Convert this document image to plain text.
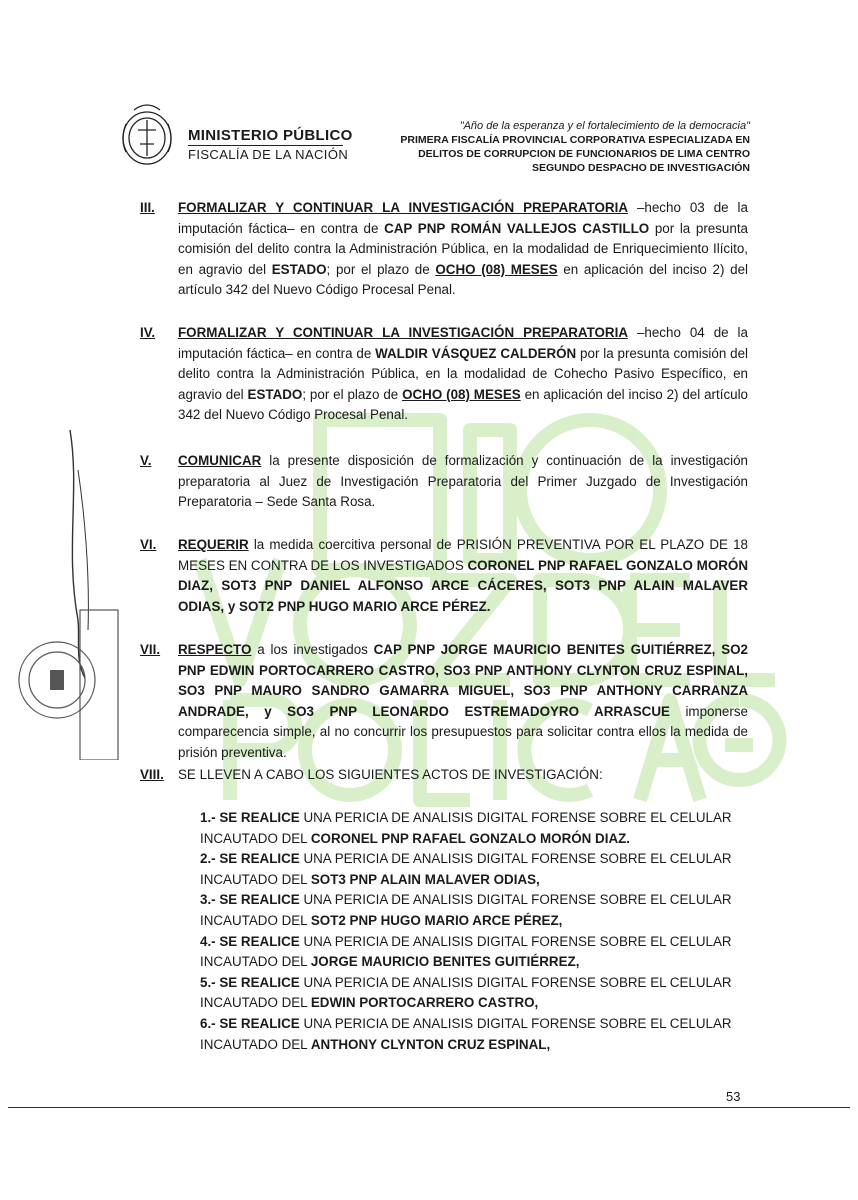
MINISTERIO PÚBLICO
FISCALÍA DE LA NACIÓN
"Año de la esperanza y el fortalecimiento de la democracia"
PRIMERA FISCALÍA PROVINCIAL CORPORATIVA ESPECIALIZADA EN
DELITOS DE CORRUPCION DE FUNCIONARIOS DE LIMA CENTRO
SEGUNDO DESPACHO DE INVESTIGACIÓN
III. FORMALIZAR Y CONTINUAR LA INVESTIGACIÓN PREPARATORIA –hecho 03 de la imputación fáctica– en contra de CAP PNP ROMÁN VALLEJOS CASTILLO por la presunta comisión del delito contra la Administración Pública, en la modalidad de Enriquecimiento Ilícito, en agravio del ESTADO; por el plazo de OCHO (08) MESES en aplicación del inciso 2) del artículo 342 del Nuevo Código Procesal Penal.
IV. FORMALIZAR Y CONTINUAR LA INVESTIGACIÓN PREPARATORIA –hecho 04 de la imputación fáctica– en contra de WALDIR VÁSQUEZ CALDERÓN por la presunta comisión del delito contra la Administración Pública, en la modalidad de Cohecho Pasivo Específico, en agravio del ESTADO; por el plazo de OCHO (08) MESES en aplicación del inciso 2) del artículo 342 del Nuevo Código Procesal Penal.
V. COMUNICAR la presente disposición de formalización y continuación de la investigación preparatoria al Juez de Investigación Preparatoria del Primer Juzgado de Investigación Preparatoria – Sede Santa Rosa.
VI. REQUERIR la medida coercitiva personal de PRISIÓN PREVENTIVA POR EL PLAZO DE 18 MESES EN CONTRA DE LOS INVESTIGADOS CORONEL PNP RAFAEL GONZALO MORÓN DIAZ, SOT3 PNP DANIEL ALFONSO ARCE CÁCERES, SOT3 PNP ALAIN MALAVER ODIAS, y SOT2 PNP HUGO MARIO ARCE PÉREZ.
VII. RESPECTO a los investigados CAP PNP JORGE MAURICIO BENITES GUITIÉRREZ, SO2 PNP EDWIN PORTOCARRERO CASTRO, SO3 PNP ANTHONY CLYNTON CRUZ ESPINAL, SO3 PNP MAURO SANDRO GAMARRA MIGUEL, SO3 PNP ANTHONY CARRANZA ANDRADE, y SO3 PNP LEONARDO ESTREMADOYRO ARRASCUE imponerse comparecencia simple, al no concurrir los presupuestos para solicitar contra ellos la medida de prisión preventiva.
VIII. SE LLEVEN A CABO LOS SIGUIENTES ACTOS DE INVESTIGACIÓN:

1.- SE REALICE UNA PERICIA DE ANALISIS DIGITAL FORENSE SOBRE EL CELULAR INCAUTADO DEL CORONEL PNP RAFAEL GONZALO MORÓN DIAZ.

2.- SE REALICE UNA PERICIA DE ANALISIS DIGITAL FORENSE SOBRE EL CELULAR INCAUTADO DEL SOT3 PNP ALAIN MALAVER ODIAS,

3.- SE REALICE UNA PERICIA DE ANALISIS DIGITAL FORENSE SOBRE EL CELULAR INCAUTADO DEL SOT2 PNP HUGO MARIO ARCE PÉREZ,

4.- SE REALICE UNA PERICIA DE ANALISIS DIGITAL FORENSE SOBRE EL CELULAR INCAUTADO DEL JORGE MAURICIO BENITES GUITIÉRREZ,

5.- SE REALICE UNA PERICIA DE ANALISIS DIGITAL FORENSE SOBRE EL CELULAR INCAUTADO DEL EDWIN PORTOCARRERO CASTRO,

6.- SE REALICE UNA PERICIA DE ANALISIS DIGITAL FORENSE SOBRE EL CELULAR INCAUTADO DEL ANTHONY CLYNTON CRUZ ESPINAL,

53
